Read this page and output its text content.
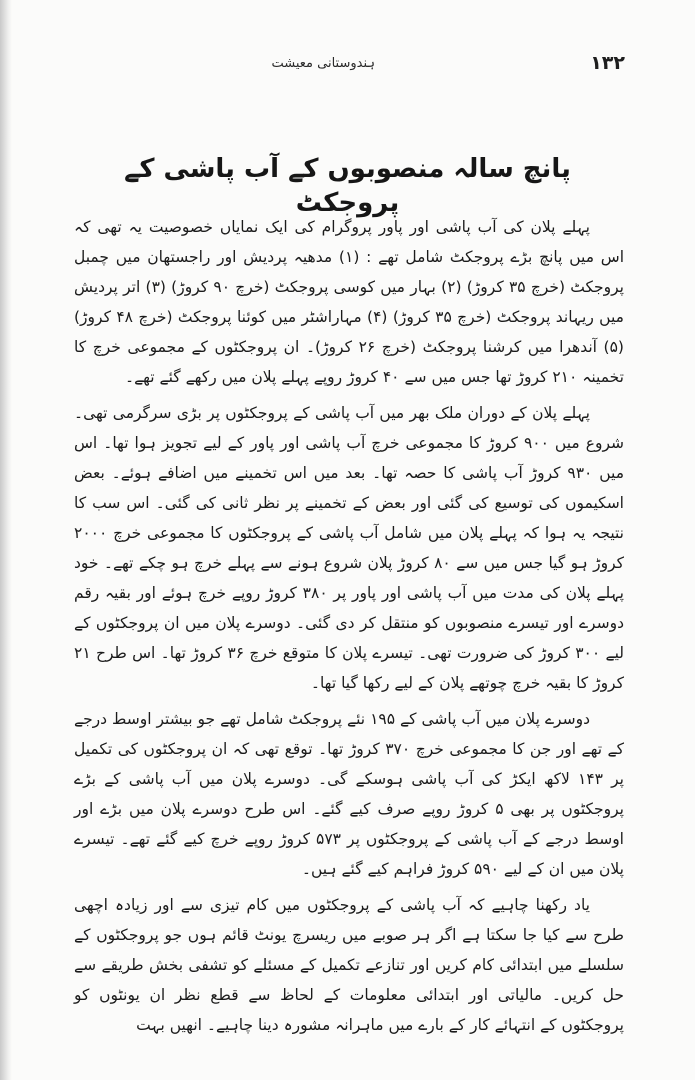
۱۳۲
ہندوستانی معیشت
پانچ سالہ منصوبوں کے آب پاشی کے پروجکٹ

پہلے پلان کی آب پاشی اور پاور پروگرام کی ایک نمایاں خصوصیت یہ تھی کہ اس میں پانچ بڑے پروجکٹ شامل تھے : (۱) مدھیہ پردیش اور راجستھان میں چمبل پروجکٹ (خرچ ۳۵ کروڑ) (۲) بہار میں کوسی پروجکٹ (خرچ ۹۰ کروڑ) (۳) اتر پردیش میں ریہاند پروجکٹ (خرچ ۳۵ کروڑ) (۴) مہاراشٹر میں کوئنا پروجکٹ (خرچ ۴۸ کروڑ) (۵) آندھرا میں کرشنا پروجکٹ (خرچ ۲۶ کروڑ)۔ ان پروجکٹوں کے مجموعی خرچ کا تخمینہ ۲۱۰ کروڑ تھا جس میں سے ۴۰ کروڑ روپے پہلے پلان میں رکھے گئے تھے۔

پہلے پلان کے دوران ملک بھر میں آب پاشی کے پروجکٹوں پر بڑی سرگرمی تھی۔ شروع میں ۹۰۰ کروڑ کا مجموعی خرچ آب پاشی اور پاور کے لیے تجویز ہوا تھا۔ اس میں ۹۳۰ کروڑ آب پاشی کا حصہ تھا۔ بعد میں اس تخمینے میں اضافے ہوئے۔ بعض اسکیموں کی توسیع کی گئی اور بعض کے تخمینے پر نظر ثانی کی گئی۔ اس سب کا نتیجہ یہ ہوا کہ پہلے پلان میں شامل آب پاشی کے پروجکٹوں کا مجموعی خرچ ۲۰۰۰ کروڑ ہو گیا جس میں سے ۸۰ کروڑ پلان شروع ہونے سے پہلے خرچ ہو چکے تھے۔ خود پہلے پلان کی مدت میں آب پاشی اور پاور پر ۳۸۰ کروڑ روپے خرچ ہوئے اور بقیہ رقم دوسرے اور تیسرے منصوبوں کو منتقل کر دی گئی۔ دوسرے پلان میں ان پروجکٹوں کے لیے ۳۰۰ کروڑ کی ضرورت تھی۔ تیسرے پلان کا متوقع خرچ ۳۶ کروڑ تھا۔ اس طرح ۲۱ کروڑ کا بقیہ خرچ چوتھے پلان کے لیے رکھا گیا تھا۔

دوسرے پلان میں آب پاشی کے ۱۹۵ نئے پروجکٹ شامل تھے جو بیشتر اوسط درجے کے تھے اور جن کا مجموعی خرچ ۳۷۰ کروڑ تھا۔ توقع تھی کہ ان پروجکٹوں کی تکمیل پر ۱۴۳ لاکھ ایکڑ کی آب پاشی ہوسکے گی۔ دوسرے پلان میں آب پاشی کے بڑے پروجکٹوں پر بھی ۵ کروڑ روپے صرف کیے گئے۔ اس طرح دوسرے پلان میں بڑے اور اوسط درجے کے آب پاشی کے پروجکٹوں پر ۵۷۳ کروڑ روپے خرچ کیے گئے تھے۔ تیسرے پلان میں ان کے لیے ۵۹۰ کروڑ فراہم کیے گئے ہیں۔

یاد رکھنا چاہیے کہ آب پاشی کے پروجکٹوں میں کام تیزی سے اور زیادہ اچھی طرح سے کیا جا سکتا ہے اگر ہر صوبے میں ریسرچ یونٹ قائم ہوں جو پروجکٹوں کے سلسلے میں ابتدائی کام کریں اور تنازعے تکمیل کے مسئلے کو تشفی بخش طریقے سے حل کریں۔ مالیاتی اور ابتدائی معلومات کے لحاظ سے قطع نظر ان یونٹوں کو پروجکٹوں کے انتہائے کار کے بارے میں ماہرانہ مشورہ دینا چاہیے۔ انھیں بہت
